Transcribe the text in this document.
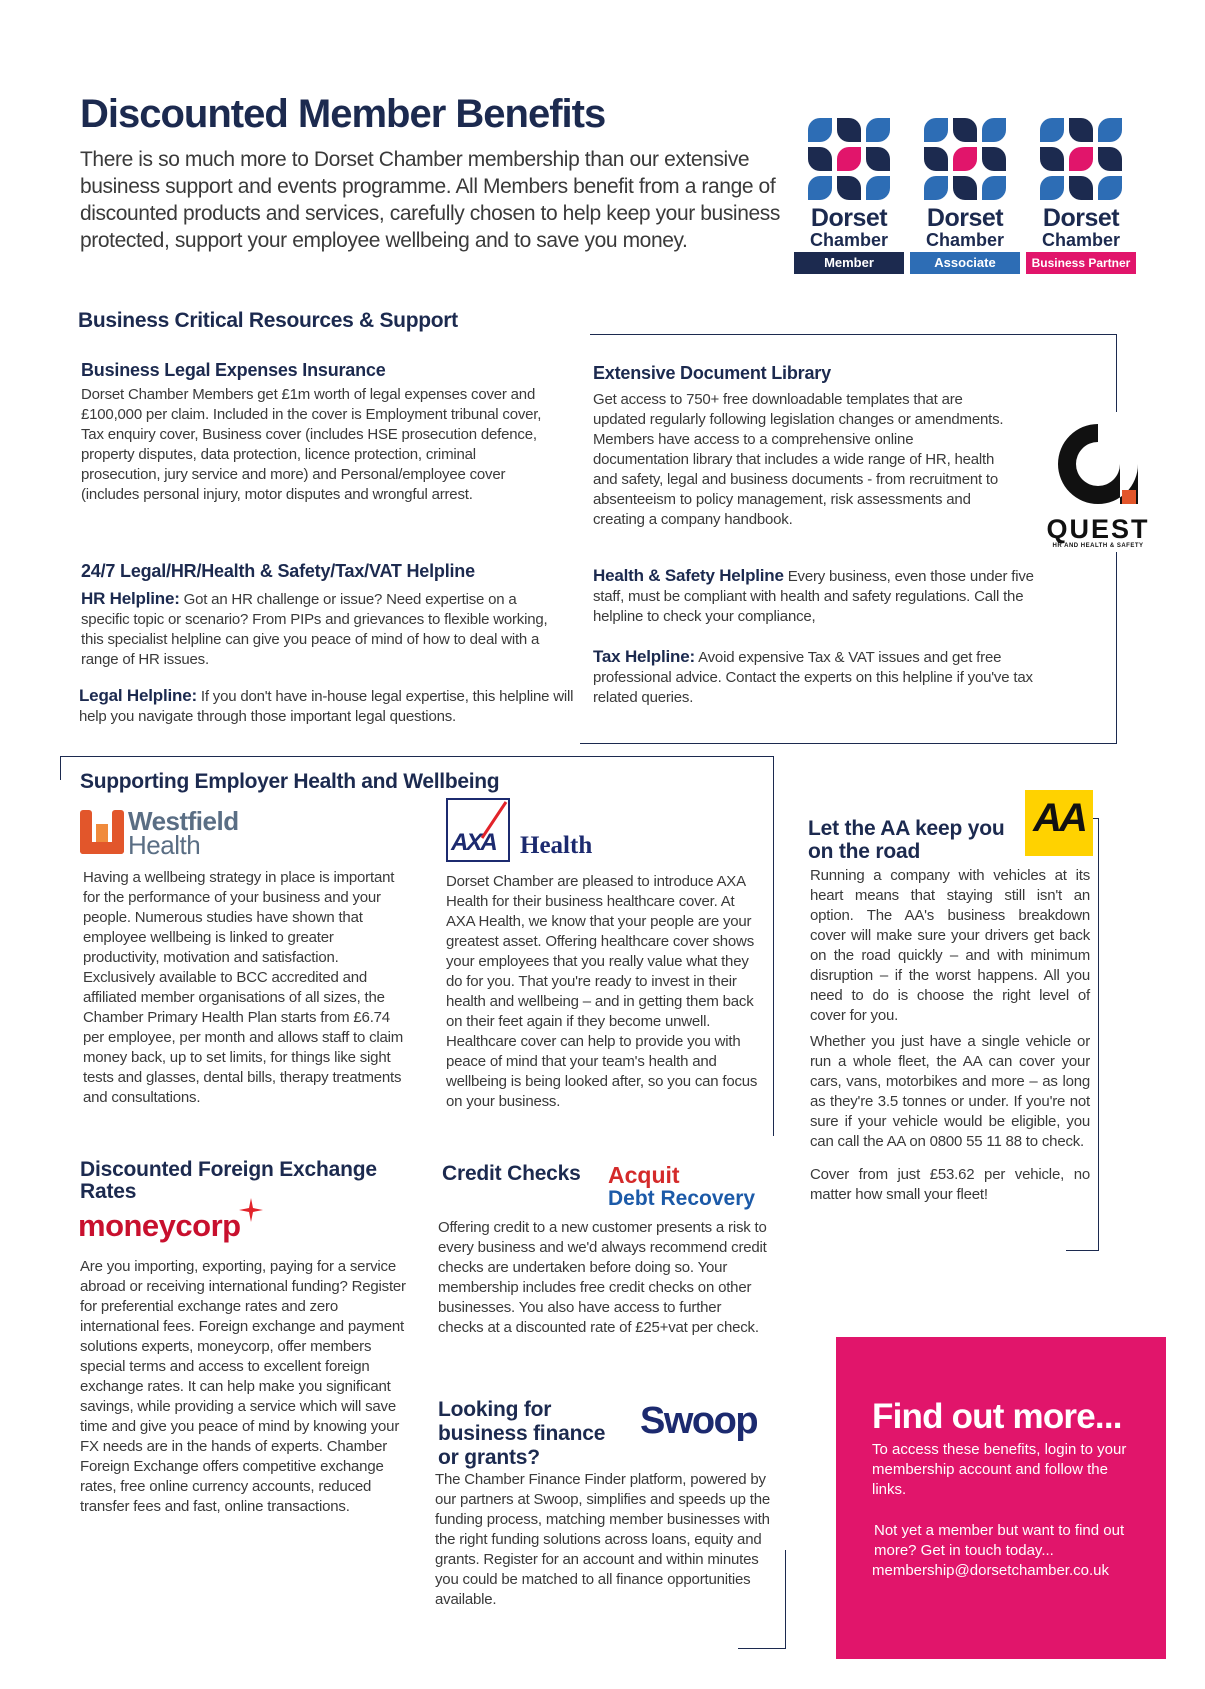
Discounted Member Benefits

There is so much more to Dorset Chamber membership than our extensive business support and events programme. All Members benefit from a range of discounted products and services, carefully chosen to help keep your business protected, support your employee wellbeing and to save you money.

Dorset
Chamber
Member
Dorset
Chamber
Associate
Dorset
Chamber
Business Partner
Business Critical Resources & Support
Business Legal Expenses Insurance

Dorset Chamber Members get £1m worth of legal expenses cover and £100,000 per claim. Included in the cover is Employment tribunal cover, Tax enquiry cover, Business cover (includes HSE prosecution defence, property disputes, data protection, licence protection, criminal prosecution, jury service and more) and Personal/employee cover (includes personal injury, motor disputes and wrongful arrest.

Extensive Document Library

Get access to 750+ free downloadable templates that are updated regularly following legislation changes or amendments. Members have access to a comprehensive online documentation library that includes a wide range of HR, health and safety, legal and business documents - from recruitment to absenteeism to policy management, risk assessments and creating a company handbook.	QUEST
HR AND HEALTH & SAFETY
24/7 Legal/HR/Health & Safety/Tax/VAT Helpline

HR Helpline: Got an HR challenge or issue? Need expertise on a specific topic or scenario? From PIPs and grievances to flexible working, this specialist helpline can give you peace of mind of how to deal with a range of HR issues.

Legal Helpline: If you don't have in-house legal expertise, this helpline will help you navigate through those important legal questions.

Health & Safety Helpline Every business, even those under five staff, must be compliant with health and safety regulations. Call the helpline to check your compliance,

Tax Helpline: Avoid expensive Tax & VAT issues and get free professional advice. Contact the experts on this helpline if you've tax related queries.

Supporting Employer Health and Wellbeing
Westfield
Health

Having a wellbeing strategy in place is important for the performance of your business and your people. Numerous studies have shown that employee wellbeing is linked to greater productivity, motivation and satisfaction. Exclusively available to BCC accredited and affiliated member organisations of all sizes, the Chamber Primary Health Plan starts from £6.74 per employee, per month and allows staff to claim money back, up to set limits, for things like sight tests and glasses, dental bills, therapy treatments and consultations.

AXA Health

Dorset Chamber are pleased to introduce AXA Health for their business healthcare cover. At AXA Health, we know that your people are your greatest asset. Offering healthcare cover shows your employees that you really value what they do for you. That you're ready to invest in their health and wellbeing – and in getting them back on their feet again if they become unwell. Healthcare cover can help to provide you with peace of mind that your team's health and wellbeing is being looked after, so you can focus on your business.

Let the AA keep you on the road
AA

Running a company with vehicles at its heart means that staying still isn't an option. The AA's business breakdown cover will make sure your drivers get back on the road quickly – and with minimum disruption – if the worst happens. All you need to do is choose the right level of cover for you.

Whether you just have a single vehicle or run a whole fleet, the AA can cover your cars, vans, motorbikes and more – as long as they're 3.5 tonnes or under. If you're not sure if your vehicle would be eligible, you can call the AA on 0800 55 11 88 to check.

Cover from just £53.62 per vehicle, no matter how small your fleet!

Discounted Foreign Exchange Rates
moneycorp

Are you importing, exporting, paying for a service abroad or receiving international funding? Register for preferential exchange rates and zero international fees. Foreign exchange and payment solutions experts, moneycorp, offer members special terms and access to excellent foreign exchange rates. It can help make you significant savings, while providing a service which will save time and give you peace of mind by knowing your FX needs are in the hands of experts. Chamber Foreign Exchange offers competitive exchange rates, free online currency accounts, reduced transfer fees and fast, online transactions.

Credit Checks Acquit
Debt Recovery

Offering credit to a new customer presents a risk to every business and we'd always recommend credit checks are undertaken before doing so. Your membership includes free credit checks on other businesses. You also have access to further checks at a discounted rate of £25+vat per check.

Looking for business finance or grants?
Swoop

The Chamber Finance Finder platform, powered by our partners at Swoop, simplifies and speeds up the funding process, matching member businesses with the right funding solutions across loans, equity and grants. Register for an account and within minutes you could be matched to all finance opportunities available.

Find out more...

To access these benefits, login to your membership account and follow the links.

Not yet a member but want to find out more? Get in touch today...

membership@dorsetchamber.co.uk
